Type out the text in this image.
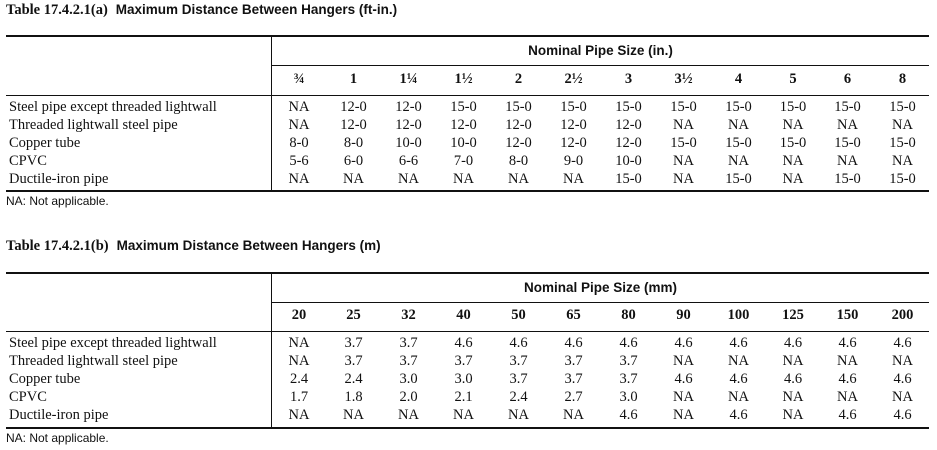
Table 17.4.2.1(a) Maximum Distance Between Hangers (ft-in.)
Nominal Pipe Size (in.)
¾	1	1¼	1½	2	2½	3	3½	4	5	6	8
Steel pipe except threaded lightwall	NA	12-0	12-0	15-0	15-0	15-0	15-0	15-0	15-0	15-0	15-0	15-0
Threaded lightwall steel pipe	NA	12-0	12-0	12-0	12-0	12-0	12-0	NA	NA	NA	NA	NA
Copper tube	8-0	8-0	10-0	10-0	12-0	12-0	12-0	15-0	15-0	15-0	15-0	15-0
CPVC	5-6	6-0	6-6	7-0	8-0	9-0	10-0	NA	NA	NA	NA	NA
Ductile-iron pipe	NA	NA	NA	NA	NA	NA	15-0	NA	15-0	NA	15-0	15-0
NA: Not applicable.
Table 17.4.2.1(b) Maximum Distance Between Hangers (m)
Nominal Pipe Size (mm)
20	25	32	40	50	65	80	90	100	125	150	200
Steel pipe except threaded lightwall	NA	3.7	3.7	4.6	4.6	4.6	4.6	4.6	4.6	4.6	4.6	4.6
Threaded lightwall steel pipe	NA	3.7	3.7	3.7	3.7	3.7	3.7	NA	NA	NA	NA	NA
Copper tube	2.4	2.4	3.0	3.0	3.7	3.7	3.7	4.6	4.6	4.6	4.6	4.6
CPVC	1.7	1.8	2.0	2.1	2.4	2.7	3.0	NA	NA	NA	NA	NA
Ductile-iron pipe	NA	NA	NA	NA	NA	NA	4.6	NA	4.6	NA	4.6	4.6
NA: Not applicable.
